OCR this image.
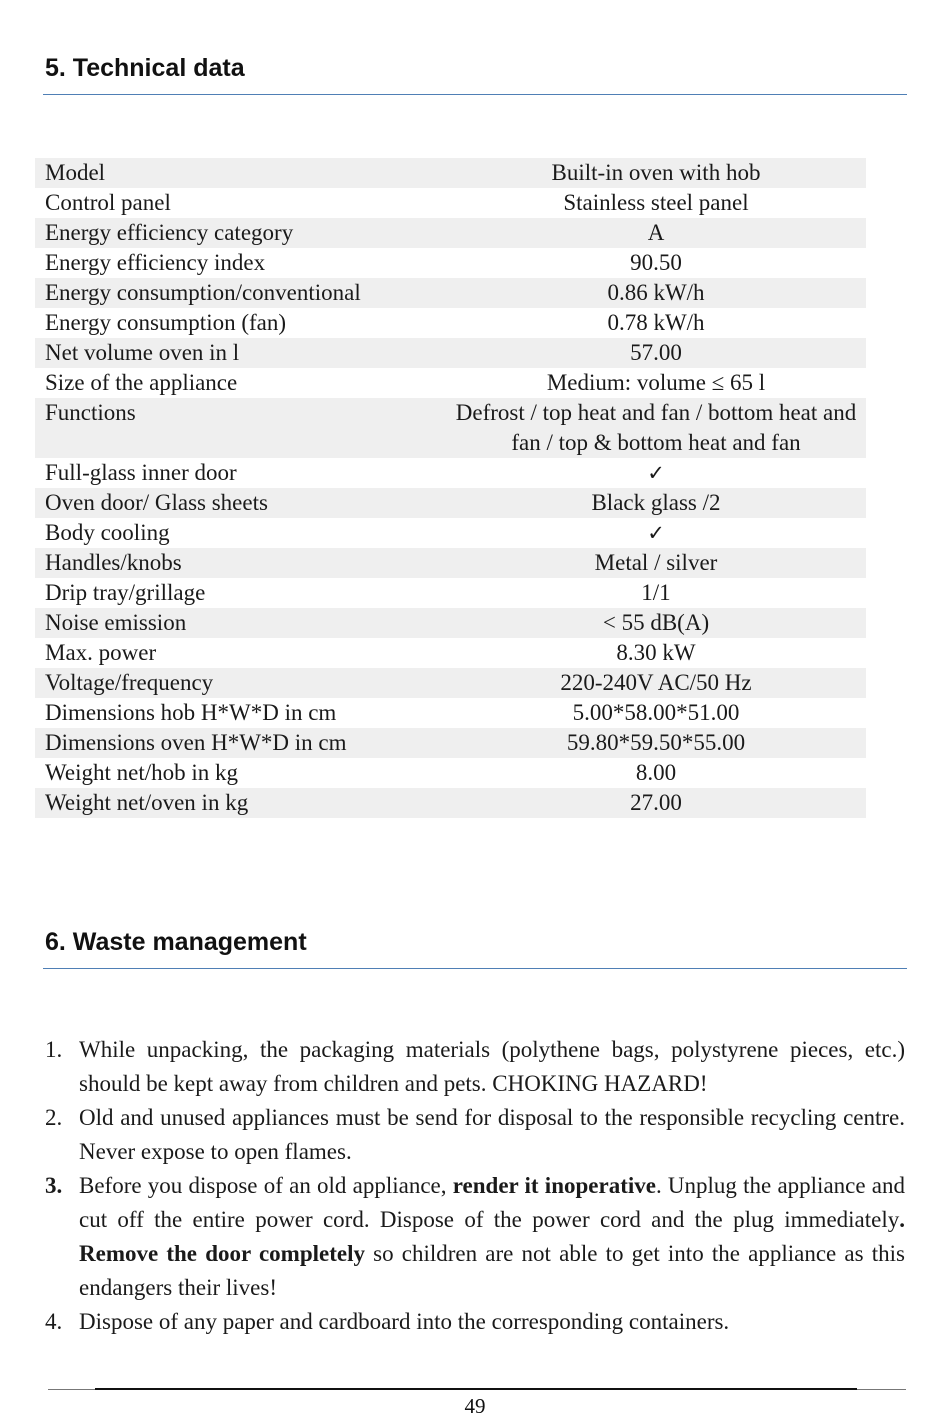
5. Technical data
Model	Built-in oven with hob
Control panel	Stainless steel panel
Energy efficiency category	A
Energy efficiency index	90.50
Energy consumption/conventional	0.86 kW/h
Energy consumption (fan)	0.78 kW/h
Net volume oven in l	57.00
Size of the appliance	Medium: volume ≤ 65 l
Functions	Defrost / top heat and fan / bottom heat and fan / top & bottom heat and fan
Full-glass inner door	✓
Oven door/ Glass sheets	Black glass /2
Body cooling	✓
Handles/knobs	Metal / silver
Drip tray/grillage	1/1
Noise emission	< 55 dB(A)
Max. power	8.30 kW
Voltage/frequency	220-240V AC/50 Hz
Dimensions hob H*W*D in cm	5.00*58.00*51.00
Dimensions oven H*W*D in cm	59.80*59.50*55.00
Weight net/hob in kg	8.00
Weight net/oven in kg	27.00
6. Waste management
1. While unpacking, the packaging materials (polythene bags, polystyrene pieces, etc.) should be kept away from children and pets. CHOKING HAZARD!
2. Old and unused appliances must be send for disposal to the responsible recycling centre. Never expose to open flames.
3. Before you dispose of an old appliance, render it inoperative. Unplug the appliance and cut off the entire power cord. Dispose of the power cord and the plug immediately. Remove the door completely so children are not able to get into the appliance as this endangers their lives!
4. Dispose of any paper and cardboard into the corresponding containers.
49
